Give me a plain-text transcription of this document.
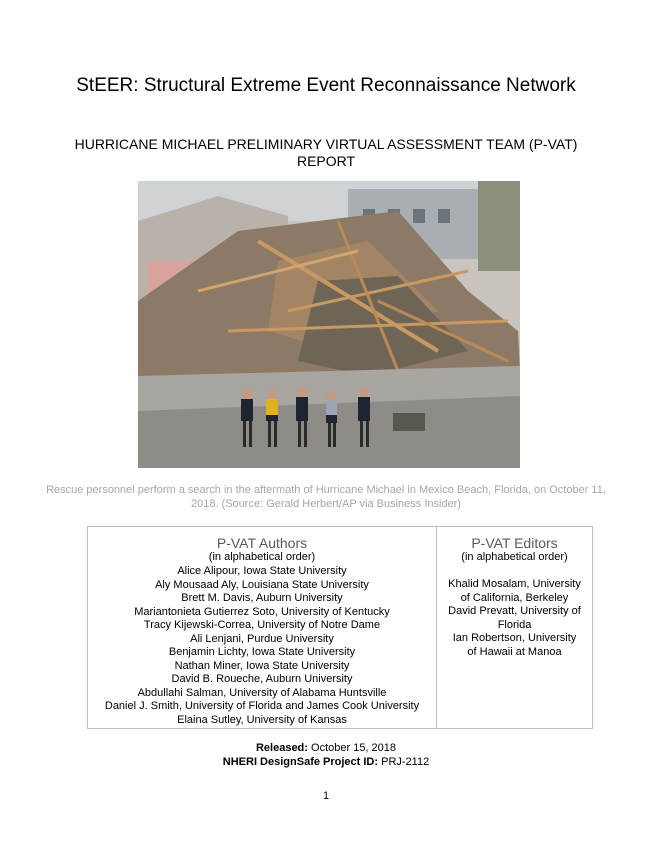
StEER: Structural Extreme Event Reconnaissance Network
HURRICANE MICHAEL PRELIMINARY VIRTUAL ASSESSMENT TEAM (P-VAT) REPORT
Rescue personnel perform a search in the aftermath of Hurricane Michael in Mexico Beach, Florida, on October 11, 2018. (Source: Gerald Herbert/AP via Business Insider)
P-VAT Authors
(in alphabetical order)
Alice Alipour, Iowa State University
Aly Mousaad Aly, Louisiana State University
Brett M. Davis, Auburn University
Mariantonieta Gutierrez Soto, University of Kentucky
Tracy Kijewski-Correa, University of Notre Dame
Ali Lenjani, Purdue University
Benjamin Lichty, Iowa State University
Nathan Miner, Iowa State University
David B. Roueche, Auburn University
Abdullahi Salman, University of Alabama Huntsville
Daniel J. Smith, University of Florida and James Cook University
Elaina Sutley, University of Kansas
P-VAT Editors
(in alphabetical order)
Khalid Mosalam, University
of California, Berkeley
David Prevatt, University of
Florida
Ian Robertson, University
of Hawaii at Manoa
Released: October 15, 2018
NHERI DesignSafe Project ID: PRJ-2112
1
